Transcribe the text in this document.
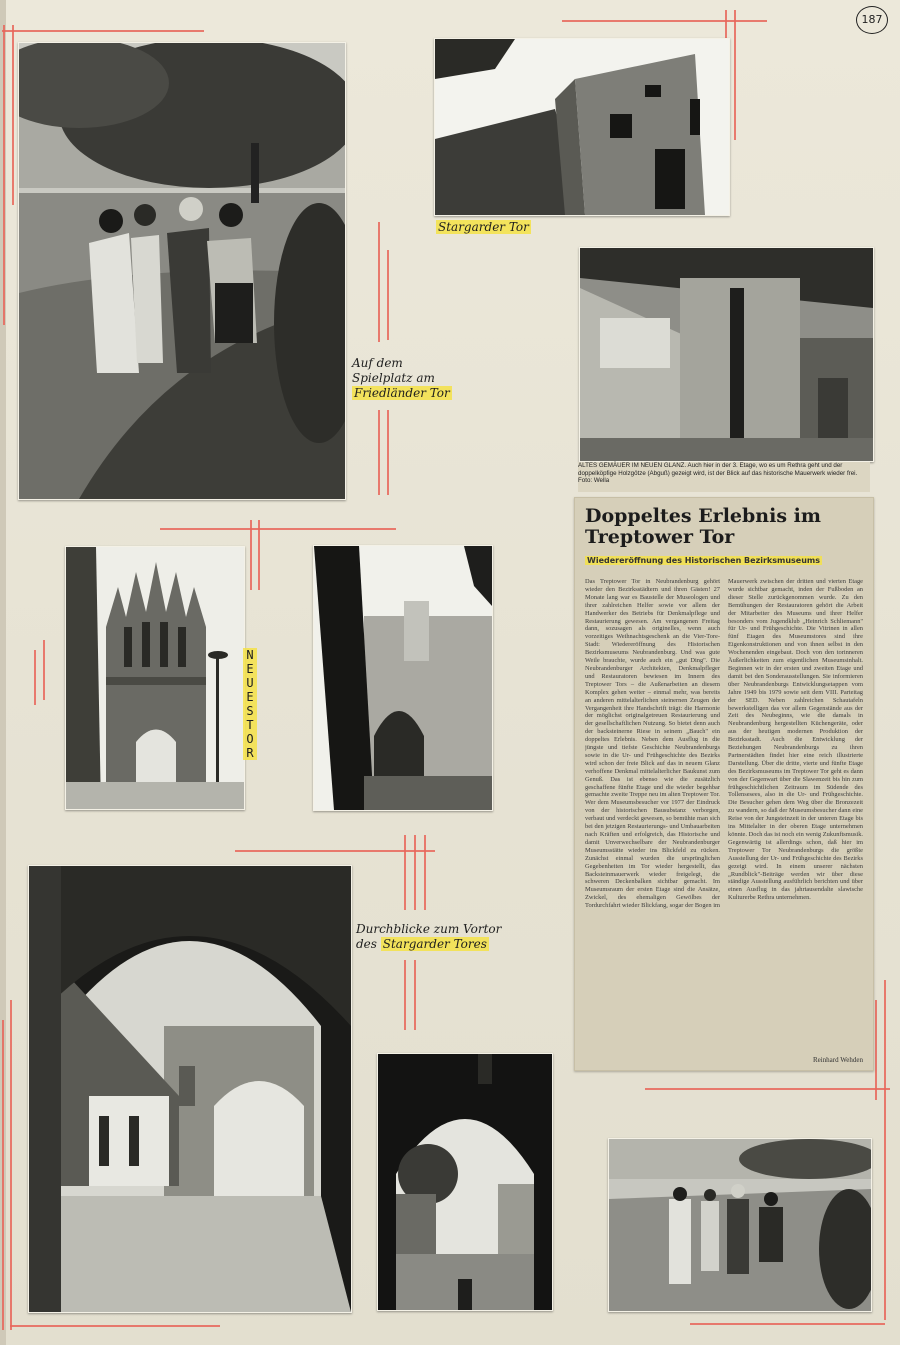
187
Auf dem
Spielplatz am
Friedländer Tor
Stargarder Tor
ALTES GEMÄUER IM NEUEN GLANZ. Auch hier in der 3. Etage, wo es um Rethra geht und der doppelköpfige Holzgötze (Abguß) gezeigt wird, ist der Blick auf das historische Mauerwerk wieder frei. Foto: Wella
Doppeltes Erlebnis im Treptower Tor
Wiedereröffnung des Historischen Bezirksmuseums
Das Treptower Tor in Neubrandenburg gehört wieder den Bezirksstädtern und ihren Gästen! 27 Monate lang war es Baustelle der Museologen und ihrer zahlreichen Helfer sowie vor allem der Handwerker des Betriebs für Denkmalpflege und Restaurierung gewesen. Am vergangenen Freitag dann, sozusagen als originelles, wenn auch vorzeitiges Weihnachtsgeschenk an die Vier-Tore-Stadt: Wiedereröffnung des Historischen Bezirksmuseums Neubrandenburg. Und was gute Weile brauchte, wurde auch ein „gut Ding". Die Neubrandenburger Architekten, Denkmalpfleger und Restauratoren bewiesen im Innern des Treptower Tors – die Außenarbeiten an diesem Komplex gehen weiter – einmal mehr, was bereits an anderen mittelalterlichen steinernen Zeugen der Vergangenheit ihre Handschrift trägt: die Harmonie der möglichst originalgetreuen Restaurierung und der gesellschaftlichen Nutzung. So bietet denn auch der backsteinerne Riese in seinem „Bauch" ein doppeltes Erlebnis. Neben dem Ausflug in die jüngste und tiefste Geschichte Neubrandenburgs sowie in die Ur- und Frühgeschichte des Bezirks wird schon der freie Blick auf das in neuem Glanz verhoffene Denkmal mittelalterlicher Baukunst zum Genuß. Das ist ebenso wie die zusätzlich geschaffene fünfte Etage und die wieder begehbar gemachte zweite Treppe neu im alten Treptower Tor. Wer dem Museumsbesucher vor 1977 der Eindruck von der historischen Bausubstanz verborgen, verbaut und verdeckt gewesen, so bemühte man sich bei den jetzigen Restaurierungs- und Umbauarbeiten nach Kräften und erfolgreich, das Historische und damit Unverwechselbare der Neubrandenburger Museumsstätte wieder ins Blickfeld zu rücken. Zunächst einmal wurden die ursprünglichen Gegebenheiten im Tor wieder hergestellt, das Backsteinmauerwerk wieder freigelegt, die schweren Deckenbalken sichtbar gemacht. Im Museumsraum der ersten Etage sind die Ansätze, Zwickel, des ehemaligen Gewölbes der Tordurchfahrt wieder Blickfang, sogar der Bogen im Mauerwerk zwischen der dritten und vierten Etage wurde sichtbar gemacht, inden der Fußboden an dieser Stelle zurückgenommen wurde. Zu den Bemühungen der Restauratoren gehört die Arbeit der Mitarbeiter des Museums und ihrer Helfer besonders vom Jugendklub „Heinrich Schliemann" für Ur- und Frühgeschichte. Die Vitrinen in allen fünf Etagen des Museumstores sind ihre Eigenkonstruktionen und von ihnen selbst in den Wochenenden eingebaut. Doch von den torinneren Äußerlichkeiten zum eigentlichen Museumsinhalt. Beginnen wir in der ersten und zweiten Etage und damit bei den Sonderausstellungen. Sie informieren über Neubrandenburgs Entwicklungsetappen vom Jahre 1949 bis 1979 sowie seit dem VIII. Parteitag der SED. Neben zahlreichen Schautafeln bewerkstelligen das vor allem Gegenstände aus der Zeit des Neubeginns, wie die damals in Neubrandenburg hergestellten Küchengeräte, oder aus der heutigen modernen Produktion der Bezirksstadt. Auch die Entwicklung der Beziehungen Neubrandenburgs zu ihren Partnerstädten findet hier eine reich illustrierte Darstellung. Über die dritte, vierte und fünfte Etage des Bezirksmuseums im Treptower Tor geht es dann von der Gegenwart über die Slawenzeit bis hin zum frühgeschichtlichen Zeitraum im Südende des Tollensesees, also in die Ur- und Frühgeschichte. Die Besucher gehen dem Weg über die Bronzezeit zu wandern, so daß der Museumsbesucher dann eine Reise von der Jungsteinzeit in der unteren Etage bis ins Mittelalter in der oberen Etage unternehmen könnte. Doch das ist noch ein wenig Zukunftsmusik. Gegenwärtig ist allerdings schon, daß hier im Treptower Tor Neubrandenburgs die größte Ausstellung der Ur- und Frühgeschichte des Bezirks gezeigt wird. In einem unserer nächsten „Rundblick"-Beiträge werden wir über diese ständige Ausstellung ausführlich berichten und über einen Ausflug in das jahrtausendalte slawische Kulturerbe Rethra unternehmen.
Reinhard Wehden
NEUES TOR
Durchblicke zum Vortor
des Stargarder Tores
